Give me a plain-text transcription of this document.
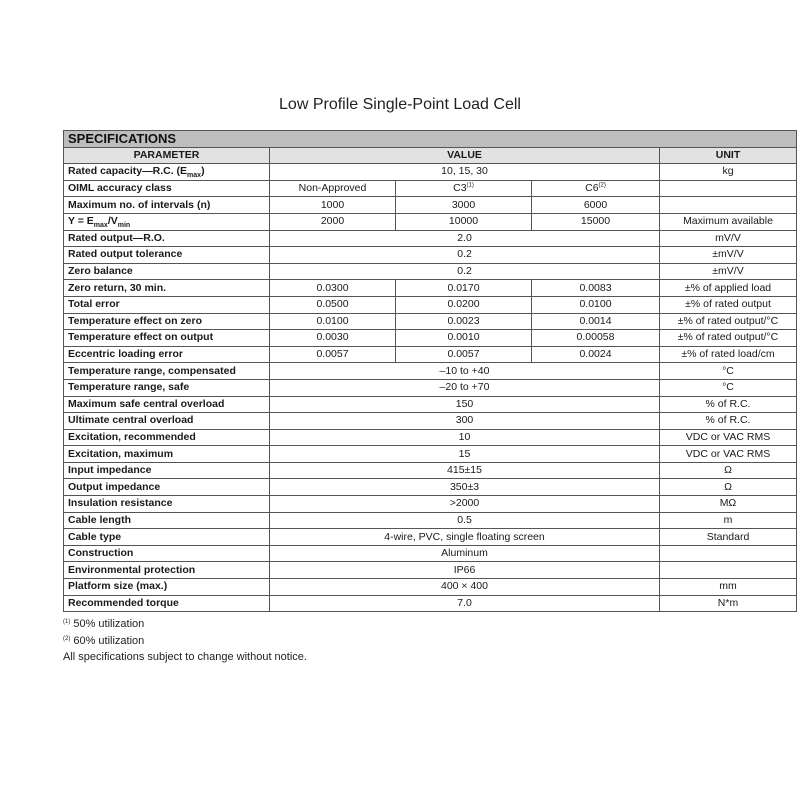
Low Profile Single-Point Load Cell
SPECIFICATIONS				
PARAMETER	VALUE			UNIT
Rated capacity—R.C. $(E_{max})$	10, 15, 30			kg
OIML accuracy class	Non-Approved	C3$^{(1)}$	C6$^{(2)}$	
Maximum no. of intervals (n)	1000	3000	6000	
$Y = E_{max}/V_{min}$	2000	10000	15000	Maximum available
Rated output—R.O.	2.0			mV/V
Rated output tolerance	0.2			±mV/V
Zero balance	0.2			±mV/V
Zero return, 30 min.	0.0300	0.0170	0.0083	±% of applied load
Total error	0.0500	0.0200	0.0100	±% of rated output
Temperature effect on zero	0.0100	0.0023	0.0014	±% of rated output/°C
Temperature effect on output	0.0030	0.0010	0.00058	±% of rated output/°C
Eccentric loading error	0.0057	0.0057	0.0024	±% of rated load/cm
Temperature range, compensated	–10 to +40			°C
Temperature range, safe	–20 to +70			°C
Maximum safe central overload	150			% of R.C.
Ultimate central overload	300			% of R.C.
Excitation, recommended	10			VDC or VAC RMS
Excitation, maximum	15			VDC or VAC RMS
Input impedance	415±15			Ω
Output impedance	350±3			Ω
Insulation resistance	>2000			MΩ
Cable length	0.5			m
Cable type	4-wire, PVC, single floating screen			Standard
Construction	Aluminum			
Environmental protection	IP66			
Platform size (max.)	400 × 400			mm
Recommended torque	7.0			N*m
$^{(1)}$ 50% utilization
$^{(2)}$ 60% utilization
All specifications subject to change without notice.
